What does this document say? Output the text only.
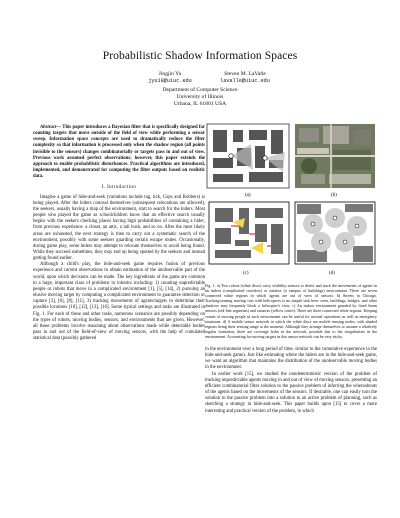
Probabilistic Shadow Information Spaces
Jingjin Yu
jyu18@uiuc.edu
Steven M. LaValle
lavalle@uiuc.edu
Department of Computer Science
University of Illinois
Urbana, IL 61801 USA

Abstract— This paper introduces a Bayesian filter that is specifically designed for counting targets that move outside of the field of view while performing a sensor sweep. Information space concepts are used to dramatically reduce the filter complexity so that information is processed only when the shadow region (all points invisible to the sensors) changes combinatorially or targets pass in and out of view. Previous work assumed perfect observations; however, this paper extends the approach to enable probabilistic disturbances. Practical algorithms are introduced, implemented, and demonstrated for computing the filter outputs based on realistic data.

I. Introduction

Imagine a game of hide-and-seek (variations include tag, tick, Cops and Robbers) is being played. After the hiders conceal themselves (subsequent relocations are allowed), the seekers, usually having a map of the environment, start to search for the hiders. Most people who played the game as schoolchildren know that an effective search usually begins with the seekers checking places having high probabilities of containing a hider, from previous experience: a closet, an attic, a tall bush, and so on. After the most likely areas are exhausted, the next strategy is then to carry out a systematic search of the environment, possibly with some seekers guarding certain escape routes. Occasionally, during game play, some hiders may attempt to relocate themselves to avoid being found. While they succeed sometimes, they may end up being spotted by the seekers and instead getting found earlier.

Although a child's play, the hide-and-seek game requires fusion of previous experience and current observations to obtain estimation of the unobservable part of the world, upon which decisions can be made. The key ingredients of the game are common to a large, important class of problems in robotics including: 1) counting unpredictable people or robots that move in a complicated environment [1], [5], [14], 2) pursuing an elusive moving target by computing a complicated environment to guarantee detection or capture [3], [6], [8], [11], 3) tracking movements of agents/targets to determine their possible locations [10], [12], [13], [16]. Some typical settings and tasks are illustrated in Fig. 1. For each of these and other tasks, numerous scenarios are possibly depending on the types of robots, moving bodies, sensors, and environments that are given. However, all these problems involve reasoning about observations made while detectable bodies pass in and out of the field-of-view of moving sensors, with the help of cumulated statistical data (possibly gathered

(a)	(b)
(c)	(d)
Fig. 1. a) Two robots (white discs) carry visibility sensors to detect and track the movements of agents in an indoor (complicated corridors) or outdoor (a campus of buildings) environment. There are seven connected white regions in which agents are out of view of sensors. b) Streets in Chicago. Tracking/sensing moving cars with helicopters is no simple task here: trees, buildings, bridges, and other shadows may frequently block a helicopter's view. c) An indoor environment guarded by fixed beam sensors (red-line segments) and cameras (yellow cones). There are three connected white regions. Keeping counts of moving people in such environment can be useful for normal operations as well as emergency situations. d) A mobile sensor network in which the white discs are mobile sensing nodes, with shaded regions being their sensing range at the moment. Although they arrange themselves to assume a relatively regular formation, there are coverage holes in the network, possible due to the irregularities in the environment. Accounting for moving targets in this sensor network can be very tricky.

in the environment over a long period of time, similar to the cumulative experience in the hide-and-seek game). Just like estimating where the hiders are in the hide-and-seek game, we want an algorithm that maintains the distribution of the unobservable moving bodies in the environment.

In earlier work [15], we studied the nondeterministic version of the problem of tracking unpredictable agents moving in and out of view of moving sensors, presenting an efficient combinatorial filter solution to the passive problem of inferring the whereabouts of the agents based on the movements of the sensors. If desirable, one can easily turn the solution to the passive problem into a solution to an active problem of planning, such as sketching a strategy in hide-and-seek. This paper builds upon [15] to cover a more interesting and practical version of the problem, in which
